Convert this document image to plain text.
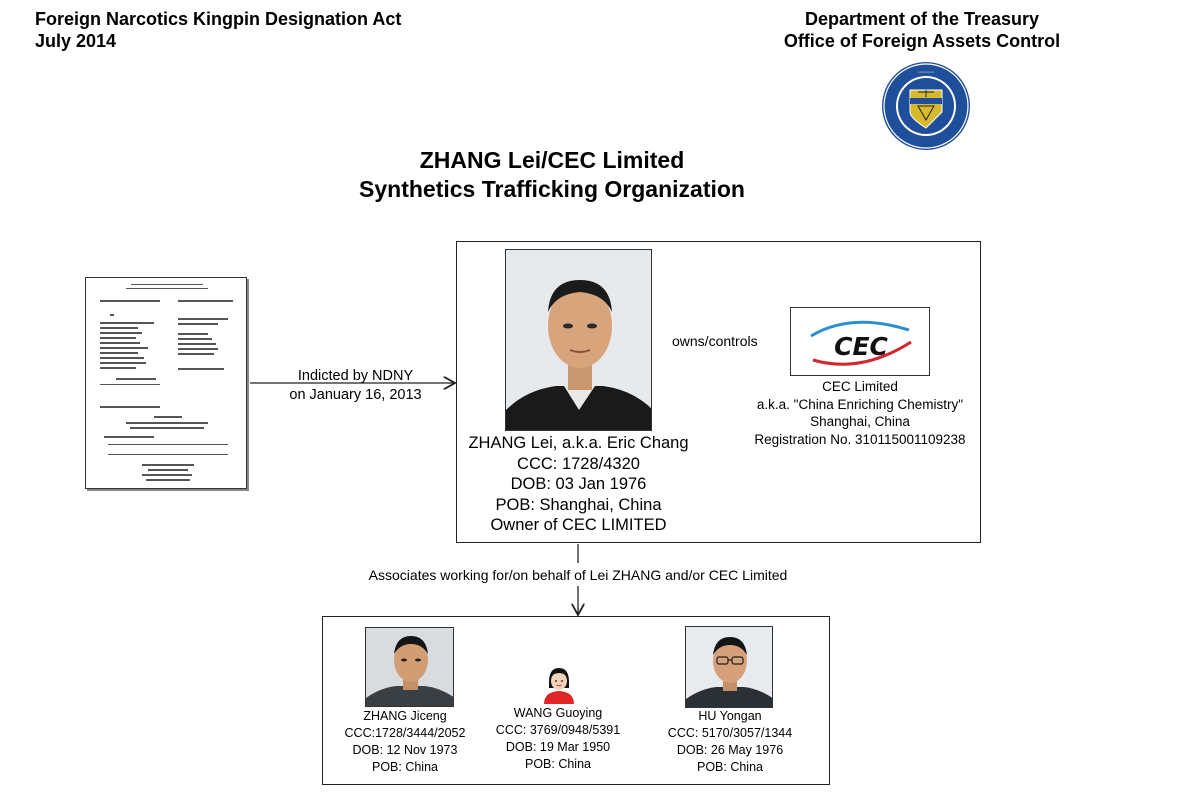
Foreign Narcotics Kingpin Designation Act
July 2014
Department of the Treasury
Office of Foreign Assets Control
◦◦◦◦◦◦◦◦
ZHANG Lei/CEC Limited
Synthetics Trafficking Organization
Indicted by NDNY
on January 16, 2013
ZHANG Lei, a.k.a. Eric Chang
CCC: 1728/4320
DOB: 03 Jan 1976
POB: Shanghai, China
Owner of CEC LIMITED
owns/controls	CEC
CEC Limited
a.k.a. "China Enriching Chemistry"
Shanghai, China
Registration No. 310115001109238
Associates working for/on behalf of Lei ZHANG and/or CEC Limited
ZHANG Jiceng
CCC:1728/3444/2052
DOB: 12 Nov 1973
POB: China
WANG Guoying
CCC: 3769/0948/5391
DOB: 19 Mar 1950
POB: China
HU Yongan
CCC: 5170/3057/1344
DOB: 26 May 1976
POB: China
